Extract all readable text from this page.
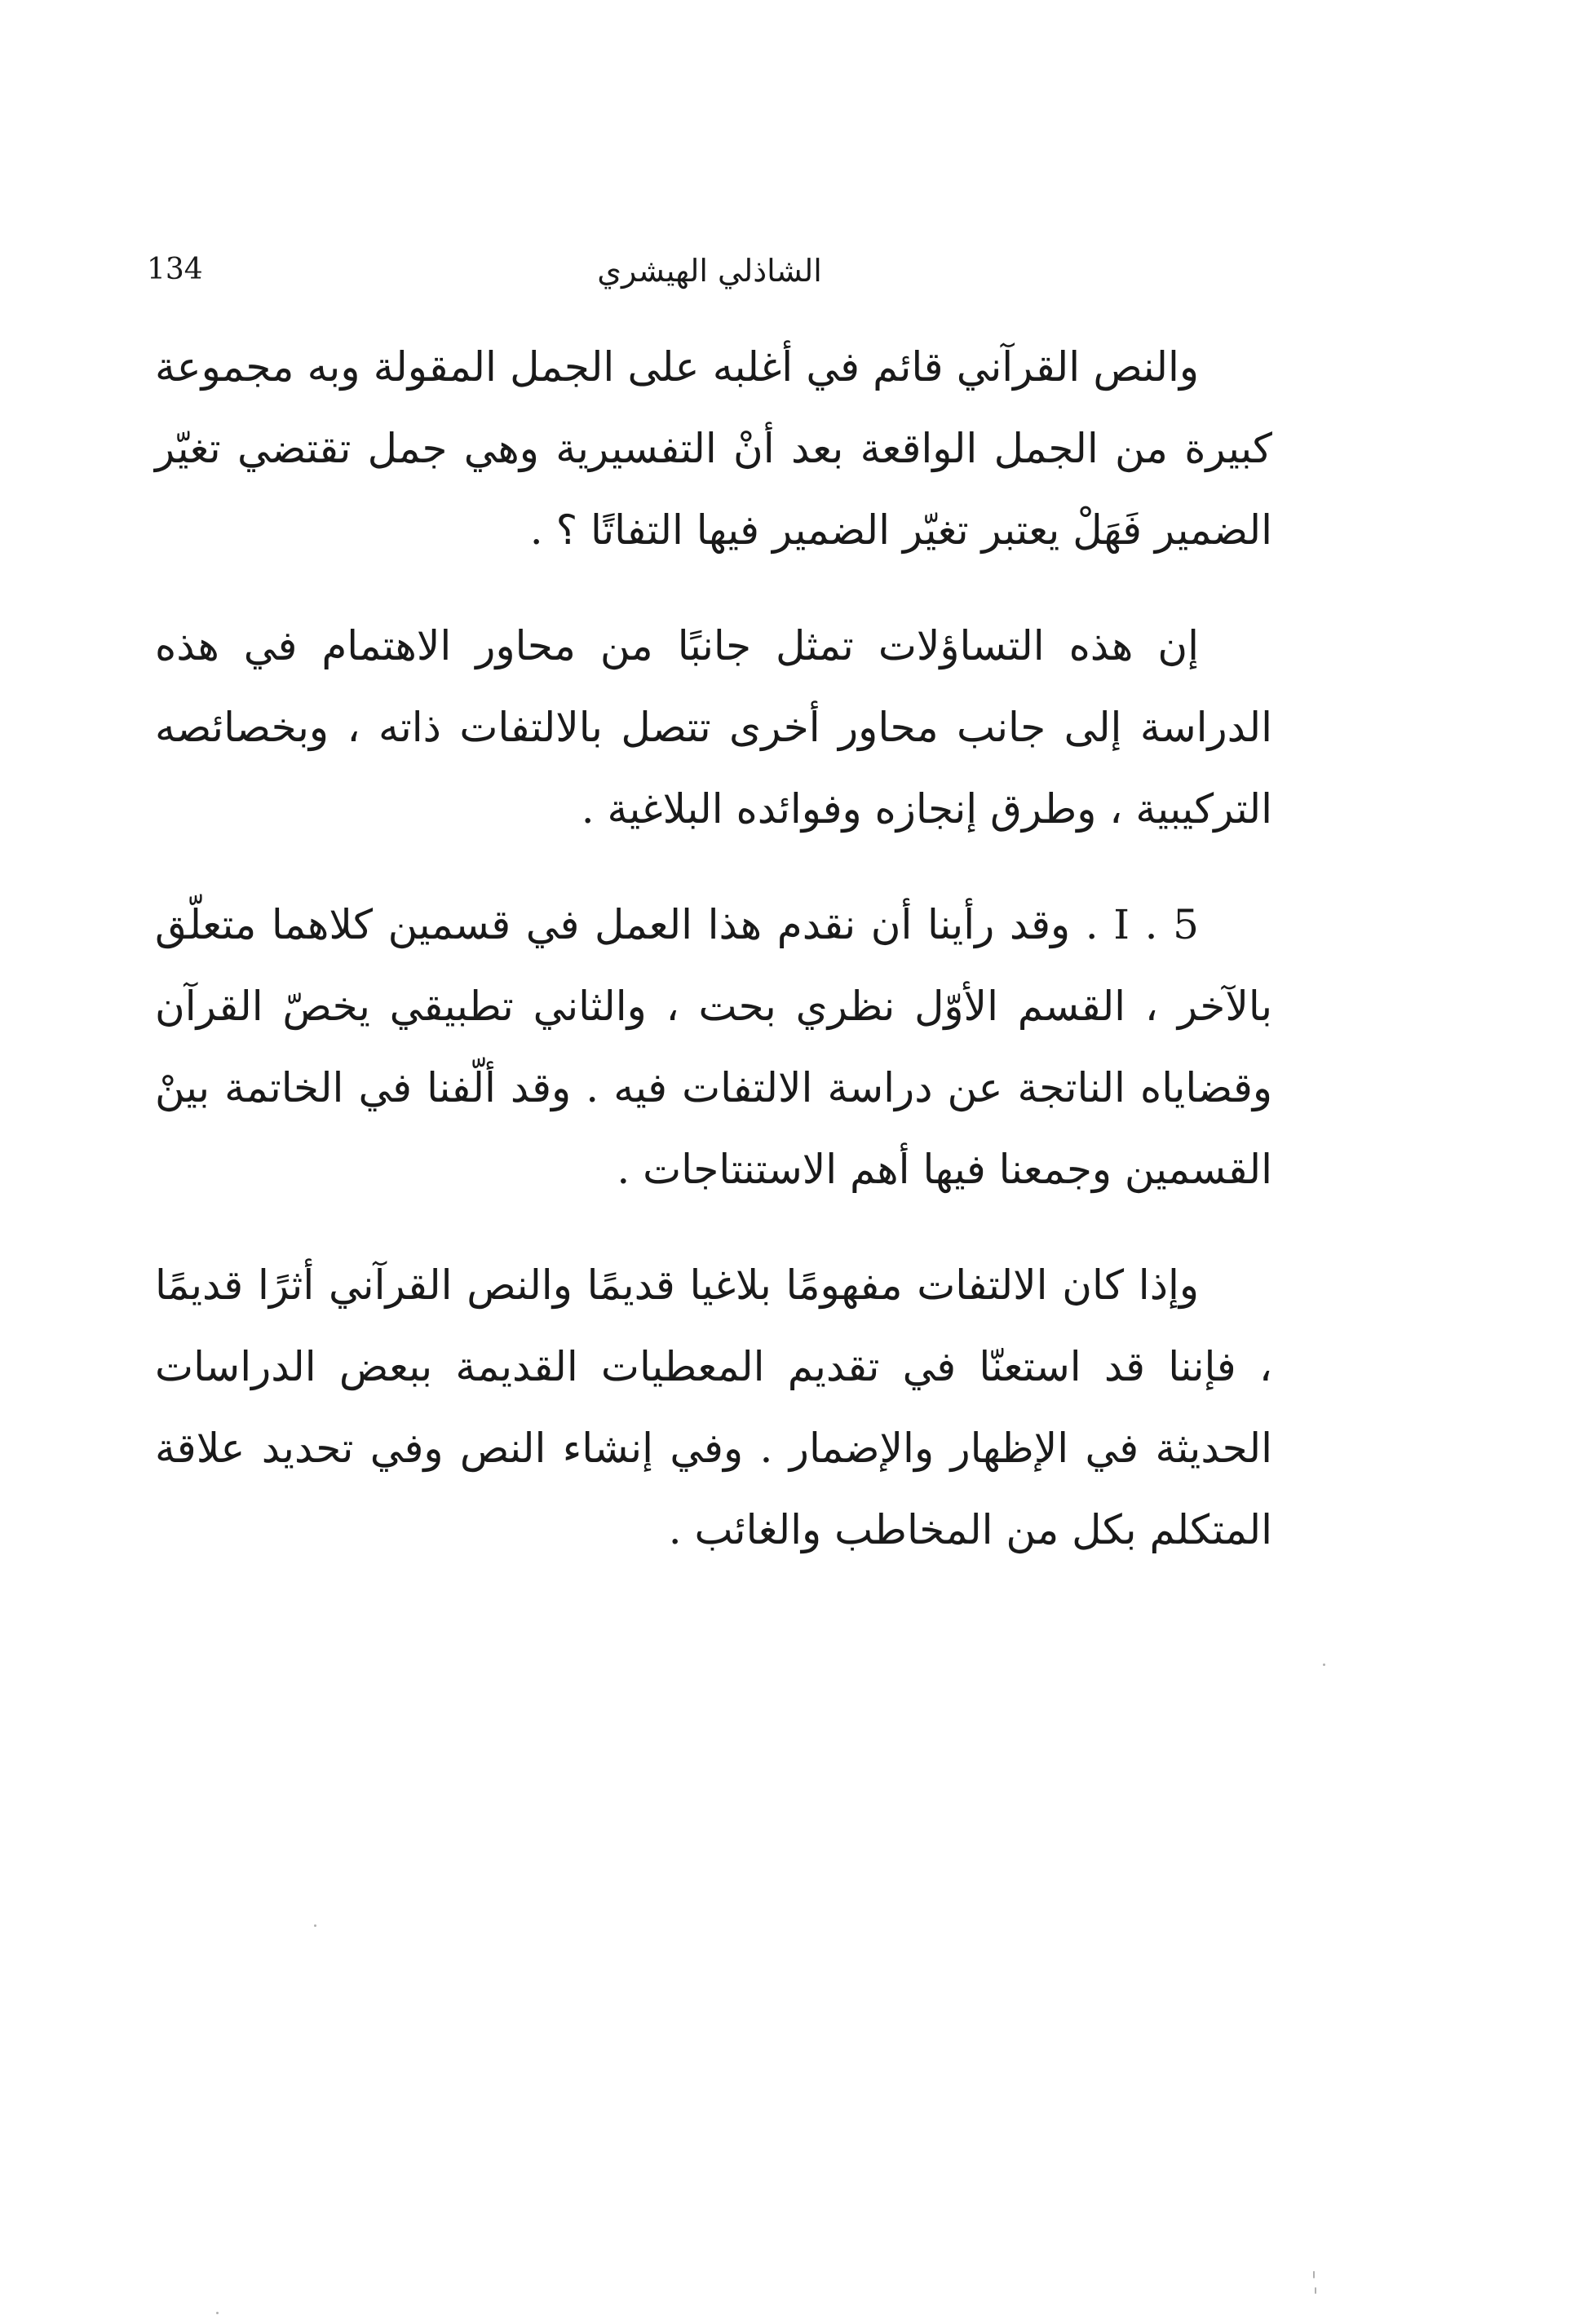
134	الشاذلي الهيشري

والنص القرآني قائم في أغلبه على الجمل المقولة وبه مجموعة كبيرة من الجمل الواقعة بعد أنْ التفسيرية وهي جمل تقتضي تغيّر الضمير فَهَلْ يعتبر تغيّر الضمير فيها التفاتًا ؟ .

إن هذه التساؤلات تمثل جانبًا من محاور الاهتمام في هذه الدراسة إلى جانب محاور أخرى تتصل بالالتفات ذاته ، وبخصائصه التركيبية ، وطرق إنجازه وفوائده البلاغية .

I . 5 . وقد رأينا أن نقدم هذا العمل في قسمين كلاهما متعلّق بالآخر ، القسم الأوّل نظري بحت ، والثاني تطبيقي يخصّ القرآن وقضاياه الناتجة عن دراسة الالتفات فيه . وقد ألّفنا في الخاتمة بينْ القسمين وجمعنا فيها أهم الاستنتاجات .

وإذا كان الالتفات مفهومًا بلاغيا قديمًا والنص القرآني أثرًا قديمًا ، فإننا قد استعنّا في تقديم المعطيات القديمة ببعض الدراسات الحديثة في الإظهار والإضمار . وفي إنشاء النص وفي تحديد علاقة المتكلم بكل من المخاطب والغائب .
